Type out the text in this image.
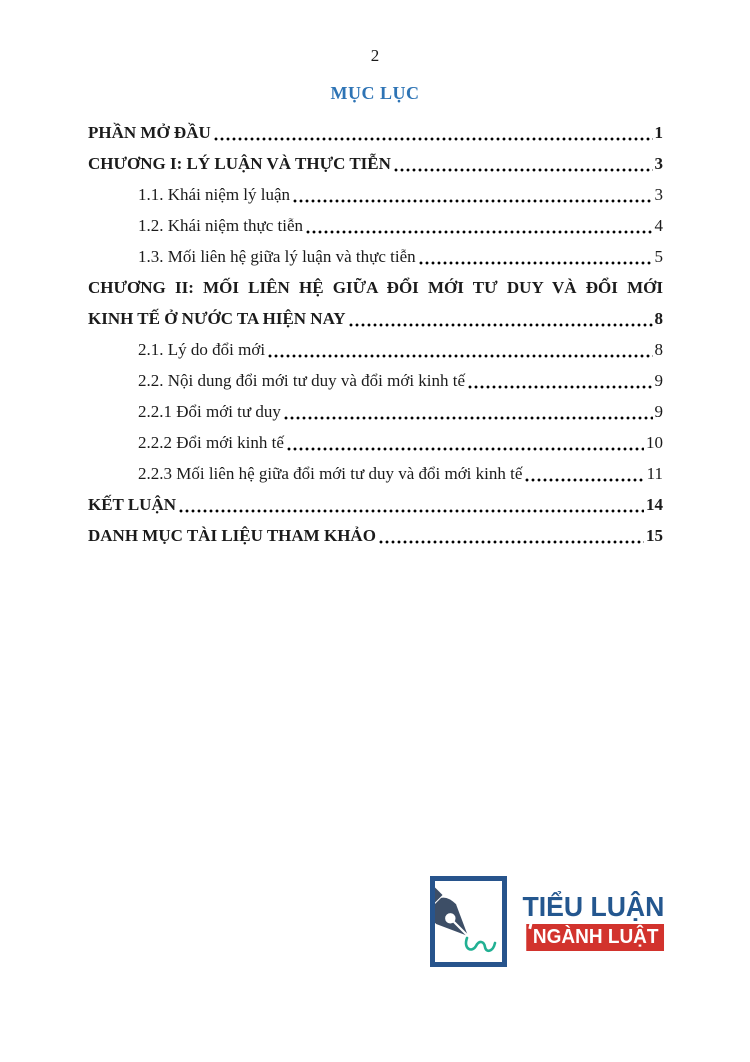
2
MỤC LỤC
PHẦN MỞ ĐẦU	1
CHƯƠNG I: LÝ LUẬN VÀ THỰC TIỄN	3
1.1. Khái niệm lý luận	3
1.2. Khái niệm thực tiễn	4
1.3. Mối liên hệ giữa lý luận và thực tiễn	5
CHƯƠNG II: MỐI LIÊN HỆ GIỮA ĐỔI MỚI TƯ DUY VÀ ĐỔI MỚI
KINH TẾ Ở NƯỚC TA HIỆN NAY	8
2.1. Lý do đổi mới	8
2.2. Nội dung đổi mới tư duy và đổi mới kinh tế	9
2.2.1 Đổi mới tư duy	9
2.2.2 Đổi mới kinh tế	10
2.2.3 Mối liên hệ giữa đổi mới tư duy và đổi mới kinh tế	11
KẾT LUẬN	14
DANH MỤC TÀI LIỆU THAM KHẢO	15
TIỂU LUẬN
NGÀNH LUẬT
